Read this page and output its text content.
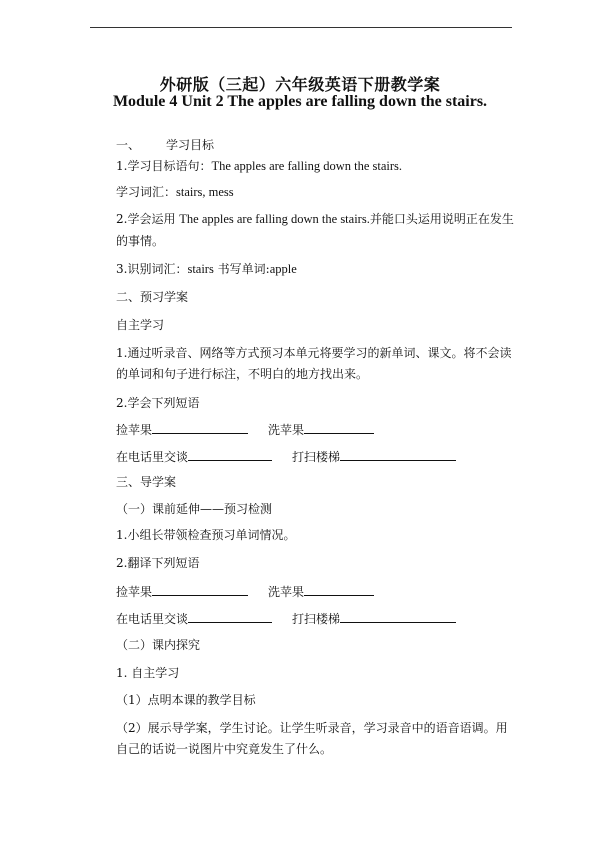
外研版（三起）六年级英语下册教学案
Module 4 Unit 2 The apples are falling down the stairs.
一、 学习目标
1.学习目标语句：The apples are falling down the stairs.
学习词汇：stairs, mess
2.学会运用 The apples are falling down the stairs.并能口头运用说明正在发生
的事情。
3.识别词汇：stairs 书写单词:apple
二、预习学案
自主学习
1.通过听录音、网络等方式预习本单元将要学习的新单词、课文。将不会读
的单词和句子进行标注，不明白的地方找出来。
2.学会下列短语
捡苹果	洗苹果
在电话里交谈	打扫楼梯
三、导学案
（一）课前延伸——预习检测
1.小组长带领检查预习单词情况。
2.翻译下列短语
捡苹果	洗苹果
在电话里交谈	打扫楼梯
（二）课内探究
1. 自主学习
（1）点明本课的教学目标
（2）展示导学案，学生讨论。让学生听录音，学习录音中的语音语调。用
自己的话说一说图片中究竟发生了什么。
